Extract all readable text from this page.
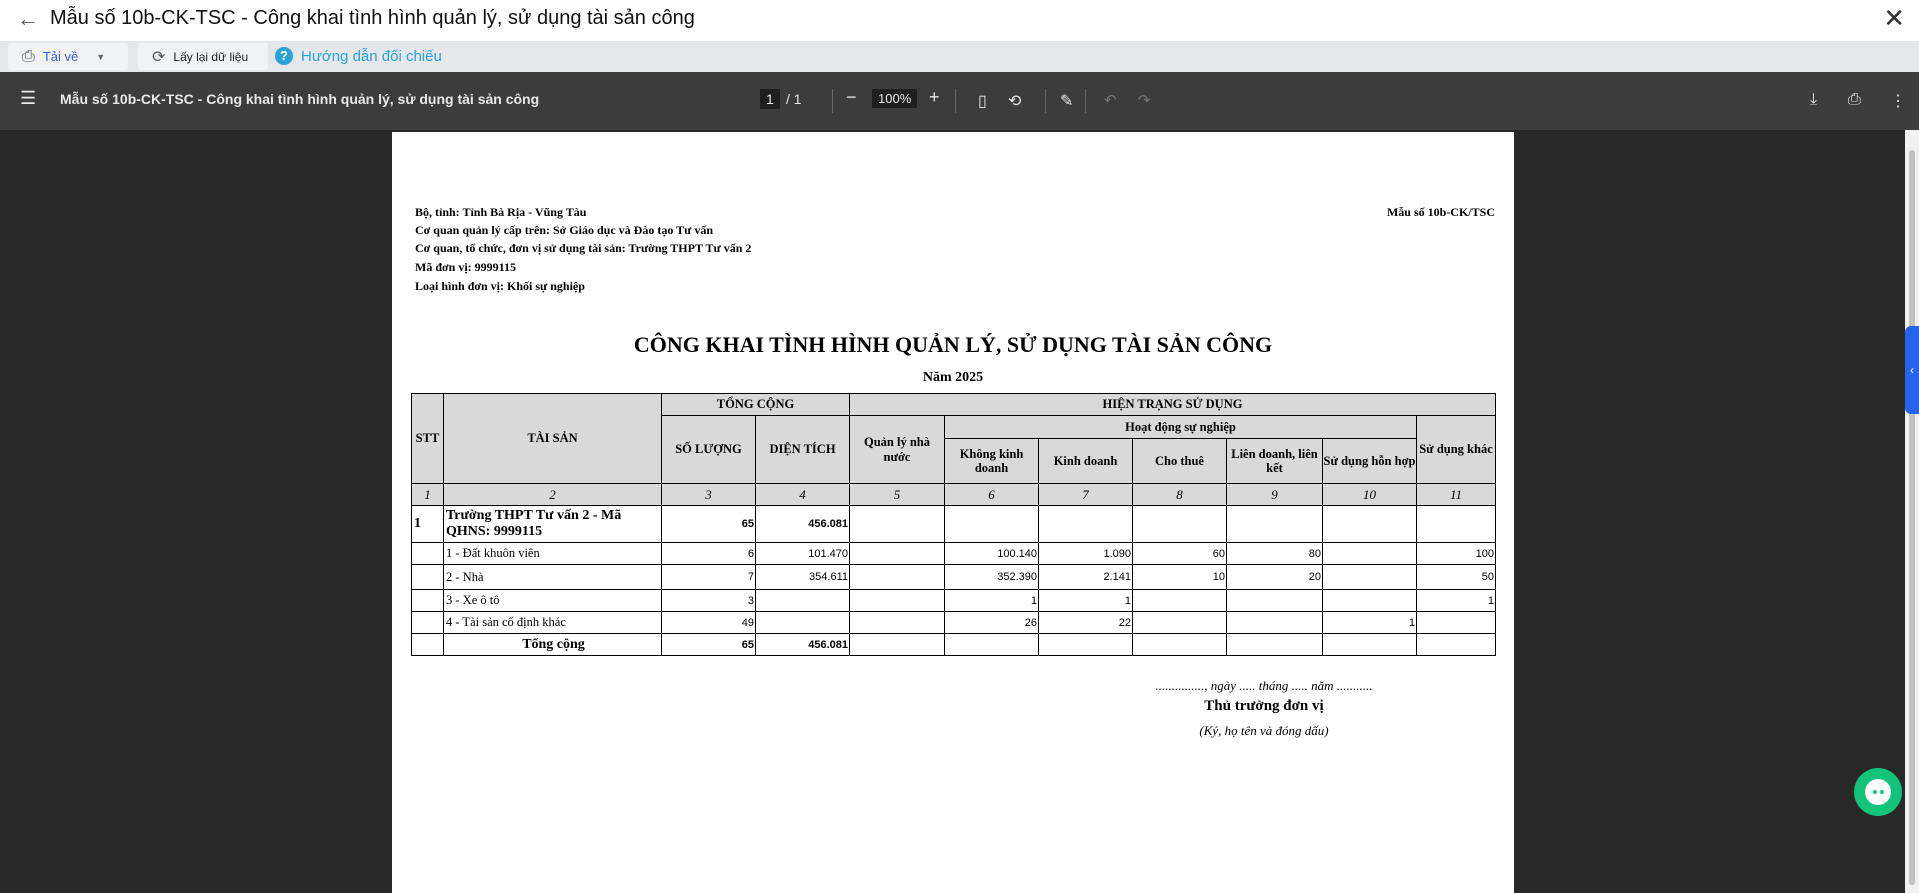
← Mẫu số 10b-CK-TSC - Công khai tình hình quản lý, sử dụng tài sản công	✕
⎙ Tải về ▼	⟳ Lấy lại dữ liệu	? Hướng dẫn đối chiếu
☰ Mẫu số 10b-CK-TSC - Công khai tình hình quản lý, sử dụng tài sản công	1 / 1 −	100% + ▯ ⟲ ✎ ↶ ↷	⤓ ⎙ ⋮
Bộ, tỉnh: Tỉnh Bà Rịa - Vũng Tàu
Cơ quan quản lý cấp trên: Sở Giáo dục và Đào tạo Tư vấn
Cơ quan, tổ chức, đơn vị sử dụng tài sản: Trường THPT Tư vấn 2
Mã đơn vị: 9999115
Loại hình đơn vị: Khối sự nghiệp
Mẫu số 10b-CK/TSC
CÔNG KHAI TÌNH HÌNH QUẢN LÝ, SỬ DỤNG TÀI SẢN CÔNG
Năm 2025
STT	TÀI SẢN	TỔNG CỘNG		HIỆN TRẠNG SỬ DỤNG						
		SỐ LƯỢNG	DIỆN TÍCH	Quản lý nhà nước	Hoạt động sự nghiệp					Sử dụng khác
					Không kinh doanh	Kinh doanh	Cho thuê	Liên doanh, liên kết	Sử dụng hỗn hợp	
1	2	3	4	5	6	7	8	9	10	11
1	Trường THPT Tư vấn 2 - Mã QHNS: 9999115	65	456.081							
	1 - Đất khuôn viên	6	101.470		100.140	1.090	60	80		100
	2 - Nhà	7	354.611		352.390	2.141	10	20		50
	3 - Xe ô tô	3			1	1				1
	4 - Tài sản cố định khác	49			26	22			1	
	Tổng cộng	65	456.081							
..............., ngày ..... tháng ..... năm ...........
Thủ trưởng đơn vị
(Ký, họ tên và đóng dấu)
‹
